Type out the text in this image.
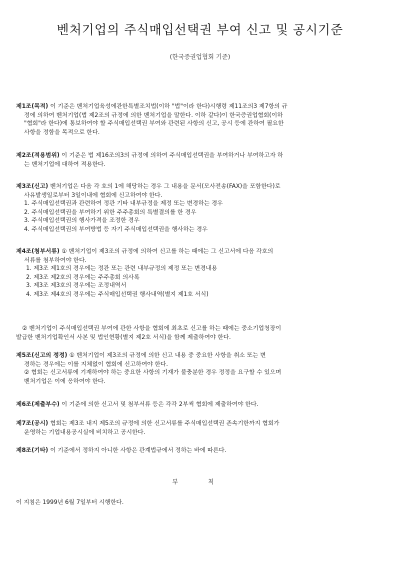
벤처기업의 주식매입선택권 부여 신고 및 공시기준
(한국증권업협회 기준)
제1조(목적) 이 기준은 벤처기업육성에관한특별조치법(이하 "법"이라 한다)시행령 제11조의3 제7항의 규
정에 의하여 벤처기업(법 제2조의 규정에 의한 벤처기업을 말한다. 이하 같다)이 한국증권업협회(이하
"협회"라 한다)에 통보하여야 할 주식매입선택권 부여와 관련된 사항의 신고, 공시 등에 관하여 필요한
사항을 정함을 목적으로 한다.
제2조(적용범위) 이 기준은 법 제16조의3의 규정에 의하여 주식매입선택권을 부여하거나 부여하고자 하
는 벤처기업에 대하여 적용한다.
제3조(신고) 벤처기업은 다음 각 호의 1에 해당하는 경우 그 내용을 문서(모사전송(FAX)을 포함한다)로
사유발생일로부터 3일이내에 협회에 신고하여야 한다.
1. 주식매입선택권과 관련하여 정관 기타 내부규정을 제정 또는 변경하는 경우
2. 주식매입선택권을 부여하기 위한 주주총회의 특별결의를 한 경우
3. 주식매입선택권의 행사가격을 조정한 경우
4. 주식매입선택권의 부여방법 등 자기 주식매입선택권을 행사하는 경우
제4조(첨부서류) ① 벤처기업이 제3조의 규정에 의하여 신고를 하는 때에는 그 신고서에 다음 각호의
서류를 첨부하여야 한다.
1. 제3조 제1호의 경우에는 정관 또는 관련 내부규정의 제정 또는 변경내용
2. 제3조 제2호의 경우에는 주주총회 의사록
3. 제3조 제3호의 경우에는 조정내역서
4. 제3조 제4호의 경우에는 주식매입선택권 행사내역(별지 제1호 서식)
② 벤처기업이 주식매입선택권 부여에 관한 사항을 협회에 최초로 신고를 하는 때에는 중소기업청장이
발급한 벤처기업확인서 사본 및 법인현황(별지 제2호 서식)을 함께 제출하여야 한다.
제5조(신고의 정정) ① 벤처기업이 제3조의 규정에 의한 신고 내용 중 중요한 사항을 취소 또는 변
경하는 경우에는 이를 지체없이 협회에 신고하여야 한다.
② 협회는 신고서류에 기재하여야 하는 중요한 사항의 기재가 불충분한 경우 정정을 요구할 수 있으며
벤처기업은 이에 응하여야 한다.
제6조(제출부수) 이 기준에 의한 신고서 및 첨부서류 등은 각각 2부씩 협회에 제출하여야 한다.
제7조(공시) 협회는 제3조 내지 제5조의 규정에 의한 신고서류를 주식매입선택권 존속기한까지 협회가
운영하는 기업내용공시실에 비치하고 공시한다.
제8조(기타) 이 기준에서 정하지 아니한 사항은 관계법규에서 정하는 바에 따른다.
부 칙
이 지침은 1999년 6월 7일부터 시행한다.
